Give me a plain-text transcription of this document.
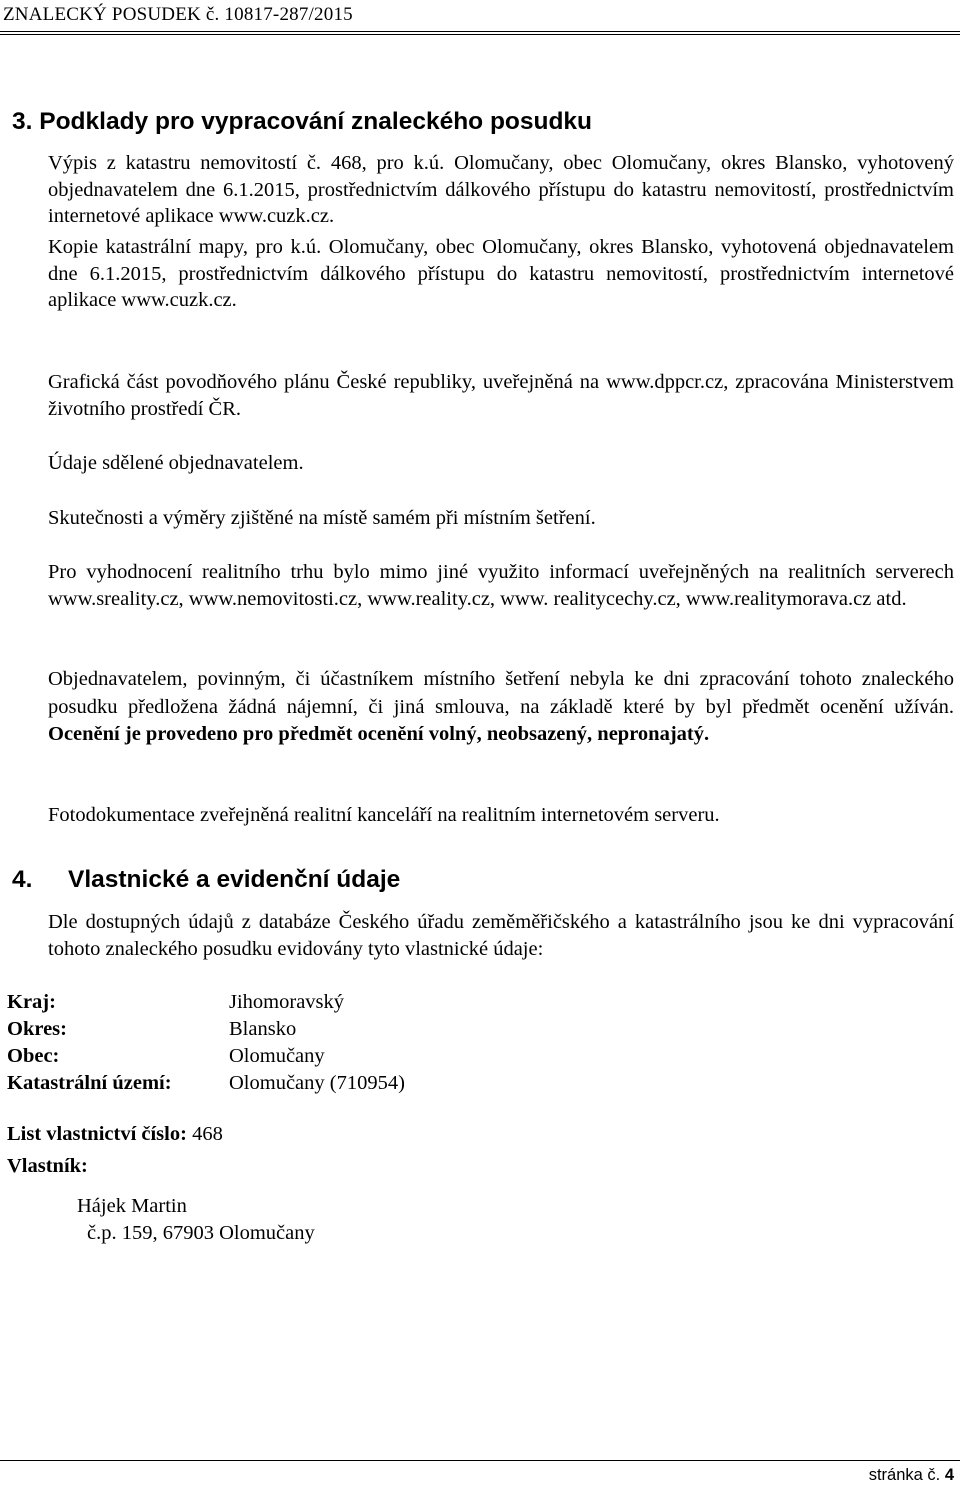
ZNALECKÝ POSUDEK č. 10817-287/2015
3. Podklady pro vypracování znaleckého posudku
Výpis z katastru nemovitostí č. 468, pro k.ú. Olomučany, obec Olomučany, okres Blansko, vyhotovený objednavatelem dne 6.1.2015, prostřednictvím dálkového přístupu do katastru nemovitostí, prostřednictvím internetové aplikace www.cuzk.cz.
Kopie katastrální mapy, pro k.ú. Olomučany, obec Olomučany, okres Blansko, vyhotovená objednavatelem dne 6.1.2015, prostřednictvím dálkového přístupu do katastru nemovitostí, prostřednictvím internetové aplikace www.cuzk.cz.
Grafická část povodňového plánu České republiky, uveřejněná na www.dppcr.cz, zpracována Ministerstvem životního prostředí ČR.
Údaje sdělené objednavatelem.
Skutečnosti a výměry zjištěné na místě samém při místním šetření.
Pro vyhodnocení realitního trhu bylo mimo jiné využito informací uveřejněných na realitních serverech www.sreality.cz, www.nemovitosti.cz, www.reality.cz, www. realitycechy.cz, www.realitymorava.cz atd.
Objednavatelem, povinným, či účastníkem místního šetření nebyla ke dni zpracování tohoto znaleckého posudku předložena žádná nájemní, či jiná smlouva, na základě které by byl předmět ocenění užíván. Ocenění je provedeno pro předmět ocenění volný, neobsazený, nepronajatý.
Fotodokumentace zveřejněná realitní kanceláří na realitním internetovém serveru.
4. Vlastnické a evidenční údaje
Dle dostupných údajů z databáze Českého úřadu zeměměřičského a katastrálního jsou ke dni vypracování tohoto znaleckého posudku evidovány tyto vlastnické údaje:
Kraj:	Jihomoravský
Okres:	Blansko
Obec:	Olomučany
Katastrální území:	Olomučany (710954)
List vlastnictví číslo: 468
Vlastník:
Hájek Martin
č.p. 159, 67903 Olomučany
stránka č. 4
